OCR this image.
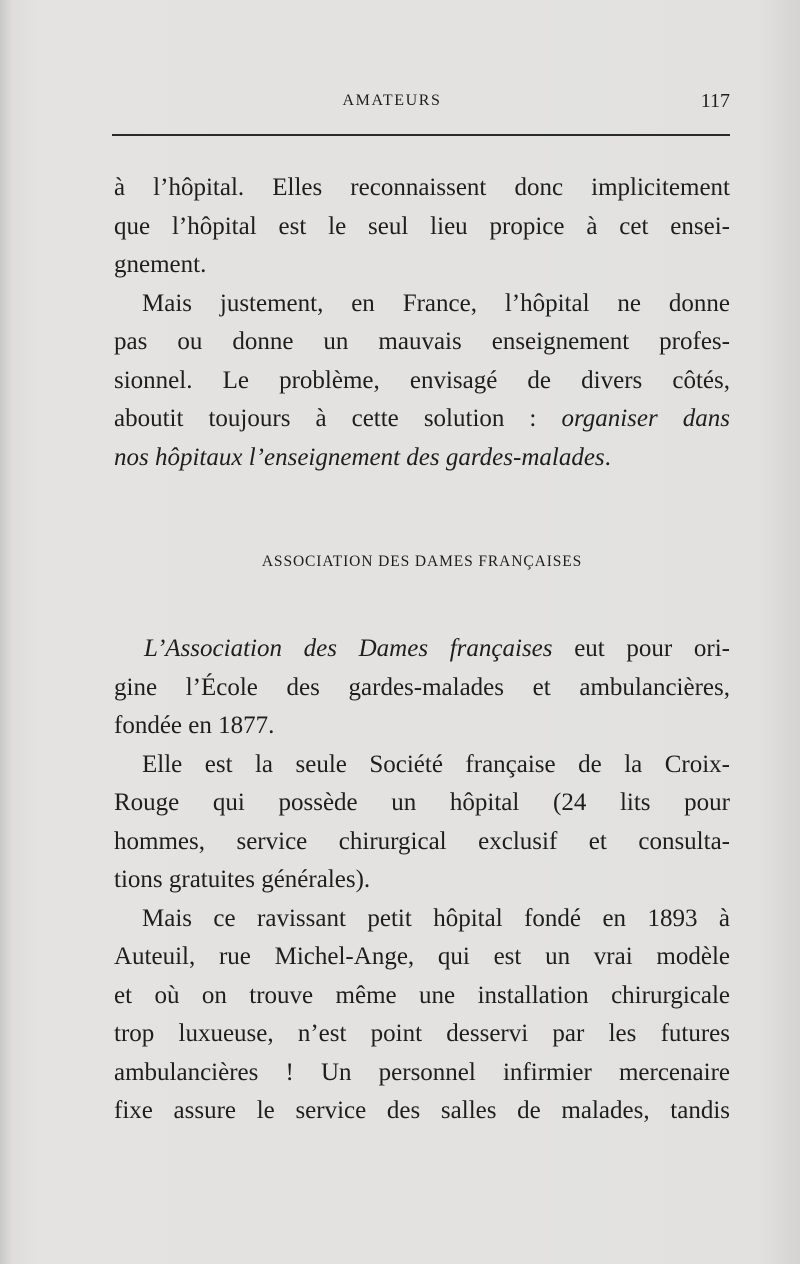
AMATEURS	117
à l’hôpital. Elles reconnaissent donc implicitement
que l’hôpital est le seul lieu propice à cet ensei-
gnement.
Mais justement, en France, l’hôpital ne donne
pas ou donne un mauvais enseignement profes-
sionnel. Le problème, envisagé de divers côtés,
aboutit toujours à cette solution : organiser dans
nos hôpitaux l’enseignement des gardes-malades.
ASSOCIATION DES DAMES FRANÇAISES
L’Association des Dames françaises eut pour ori-
gine l’École des gardes-malades et ambulancières,
fondée en 1877.
Elle est la seule Société française de la Croix-
Rouge qui possède un hôpital (24 lits pour
hommes, service chirurgical exclusif et consulta-
tions gratuites générales).
Mais ce ravissant petit hôpital fondé en 1893 à
Auteuil, rue Michel-Ange, qui est un vrai modèle
et où on trouve même une installation chirurgicale
trop luxueuse, n’est point desservi par les futures
ambulancières ! Un personnel infirmier mercenaire
fixe assure le service des salles de malades, tandis
